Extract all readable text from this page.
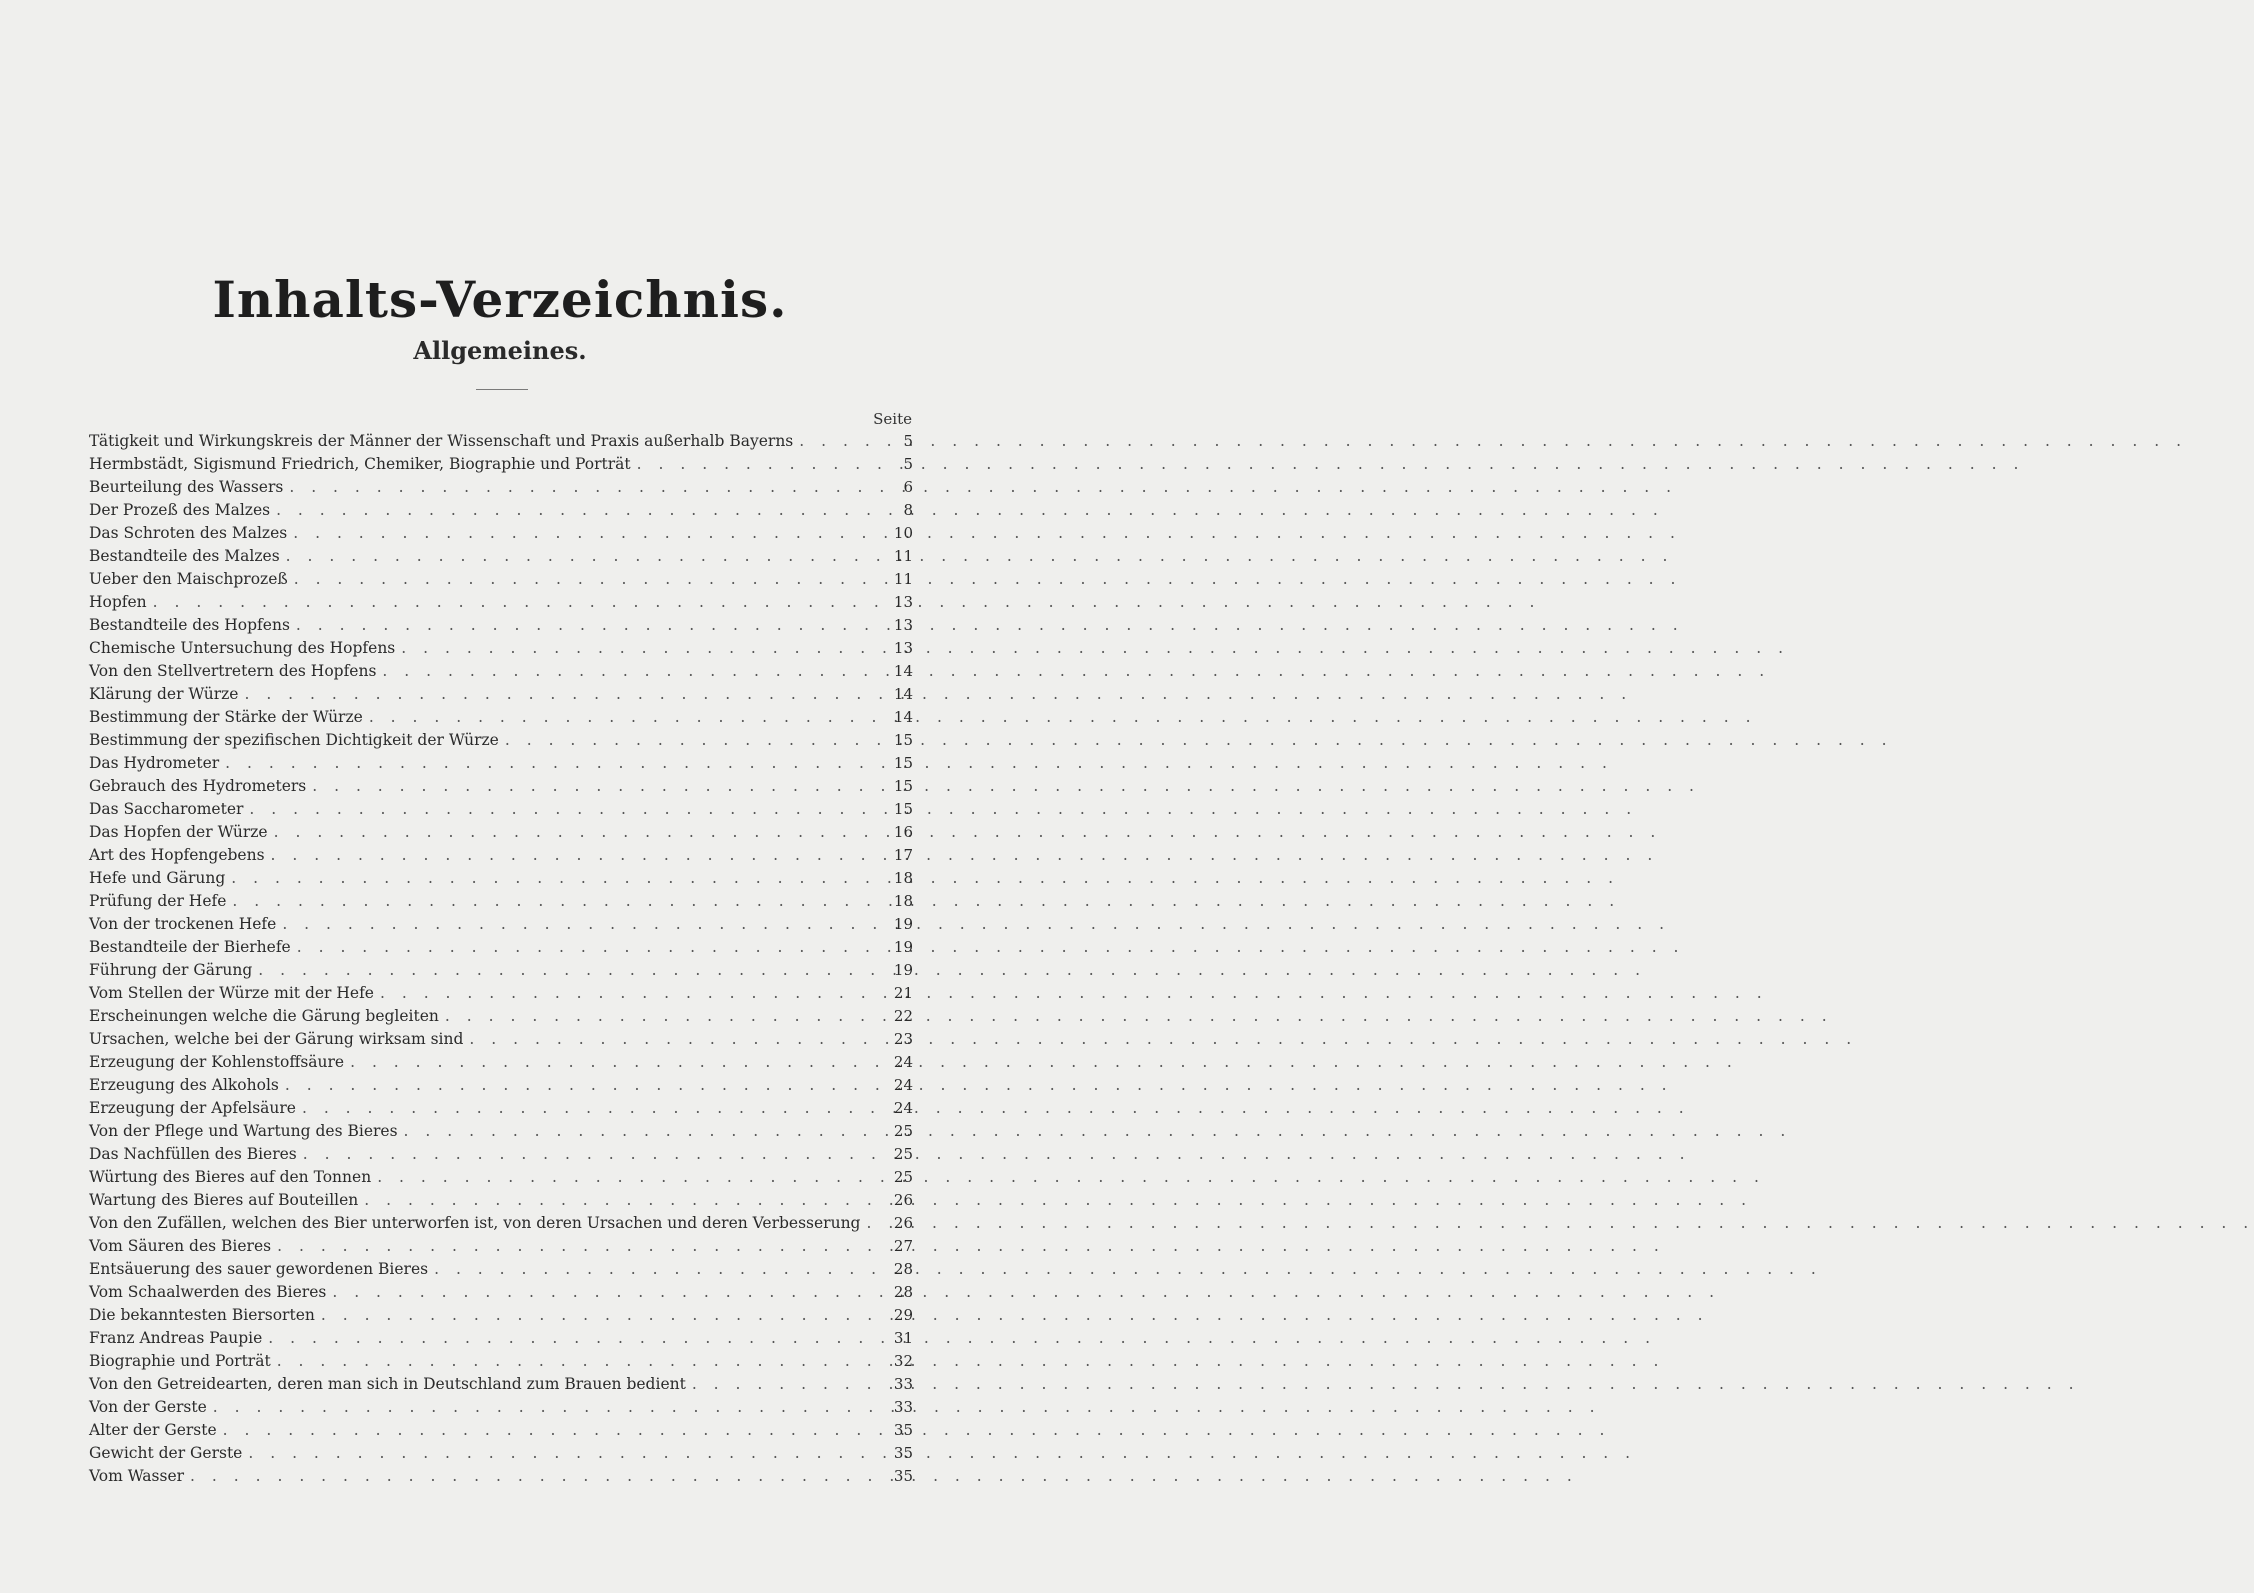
Inhalts-Verzeichnis.
Allgemeines.
Seite
Tätigkeit und Wirkungskreis der Männer der Wissenschaft und Praxis außerhalb Bayerns . . .	5
Hermbstädt, Sigismund Friedrich, Chemiker, Biographie und Porträt . . .	5
Beurteilung des Wassers . . .	6
Der Prozeß des Malzes . . .	8
Das Schroten des Malzes . . .	10
Bestandteile des Malzes . . .	11
Ueber den Maischprozeß . . .	11
Hopfen . . .	13
Bestandteile des Hopfens . . .	13
Chemische Untersuchung des Hopfens . . .	13
Von den Stellvertretern des Hopfens . . .	14
Klärung der Würze . . .	14
Bestimmung der Stärke der Würze . . .	14
Bestimmung der spezifischen Dichtigkeit der Würze . . .	15
Das Hydrometer . . .	15
Gebrauch des Hydrometers . . .	15
Das Saccharometer . . .	15
Das Hopfen der Würze . . .	16
Art des Hopfengebens . . .	17
Hefe und Gärung . . .	18
Prüfung der Hefe . . .	18
Von der trockenen Hefe . . .	19
Bestandteile der Bierhefe . . .	19
Führung der Gärung . . .	19
Vom Stellen der Würze mit der Hefe . . .	21
Erscheinungen welche die Gärung begleiten . . .	22
Ursachen, welche bei der Gärung wirksam sind . . .	23
Erzeugung der Kohlenstoffsäure . . .	24
Erzeugung des Alkohols . . .	24
Erzeugung der Apfelsäure . . .	24
Von der Pflege und Wartung des Bieres . . .	25
Das Nachfüllen des Bieres . . .	25
Würtung des Bieres auf den Tonnen . . .	25
Wartung des Bieres auf Bouteillen . . .	26
Von den Zufällen, welchen des Bier unterworfen ist, von deren Ursachen und deren Verbesserung . . .	26
Vom Säuren des Bieres . . .	27
Entsäuerung des sauer gewordenen Bieres . . .	28
Vom Schaalwerden des Bieres . . .	28
Die bekanntesten Biersorten . . .	29
Franz Andreas Paupie . . .	31
Biographie und Porträt . . .	32
Von den Getreidearten, deren man sich in Deutschland zum Brauen bedient . . .	33
Von der Gerste . . .	33
Alter der Gerste . . .	35
Gewicht der Gerste . . .	35
Vom Wasser . . .	35
